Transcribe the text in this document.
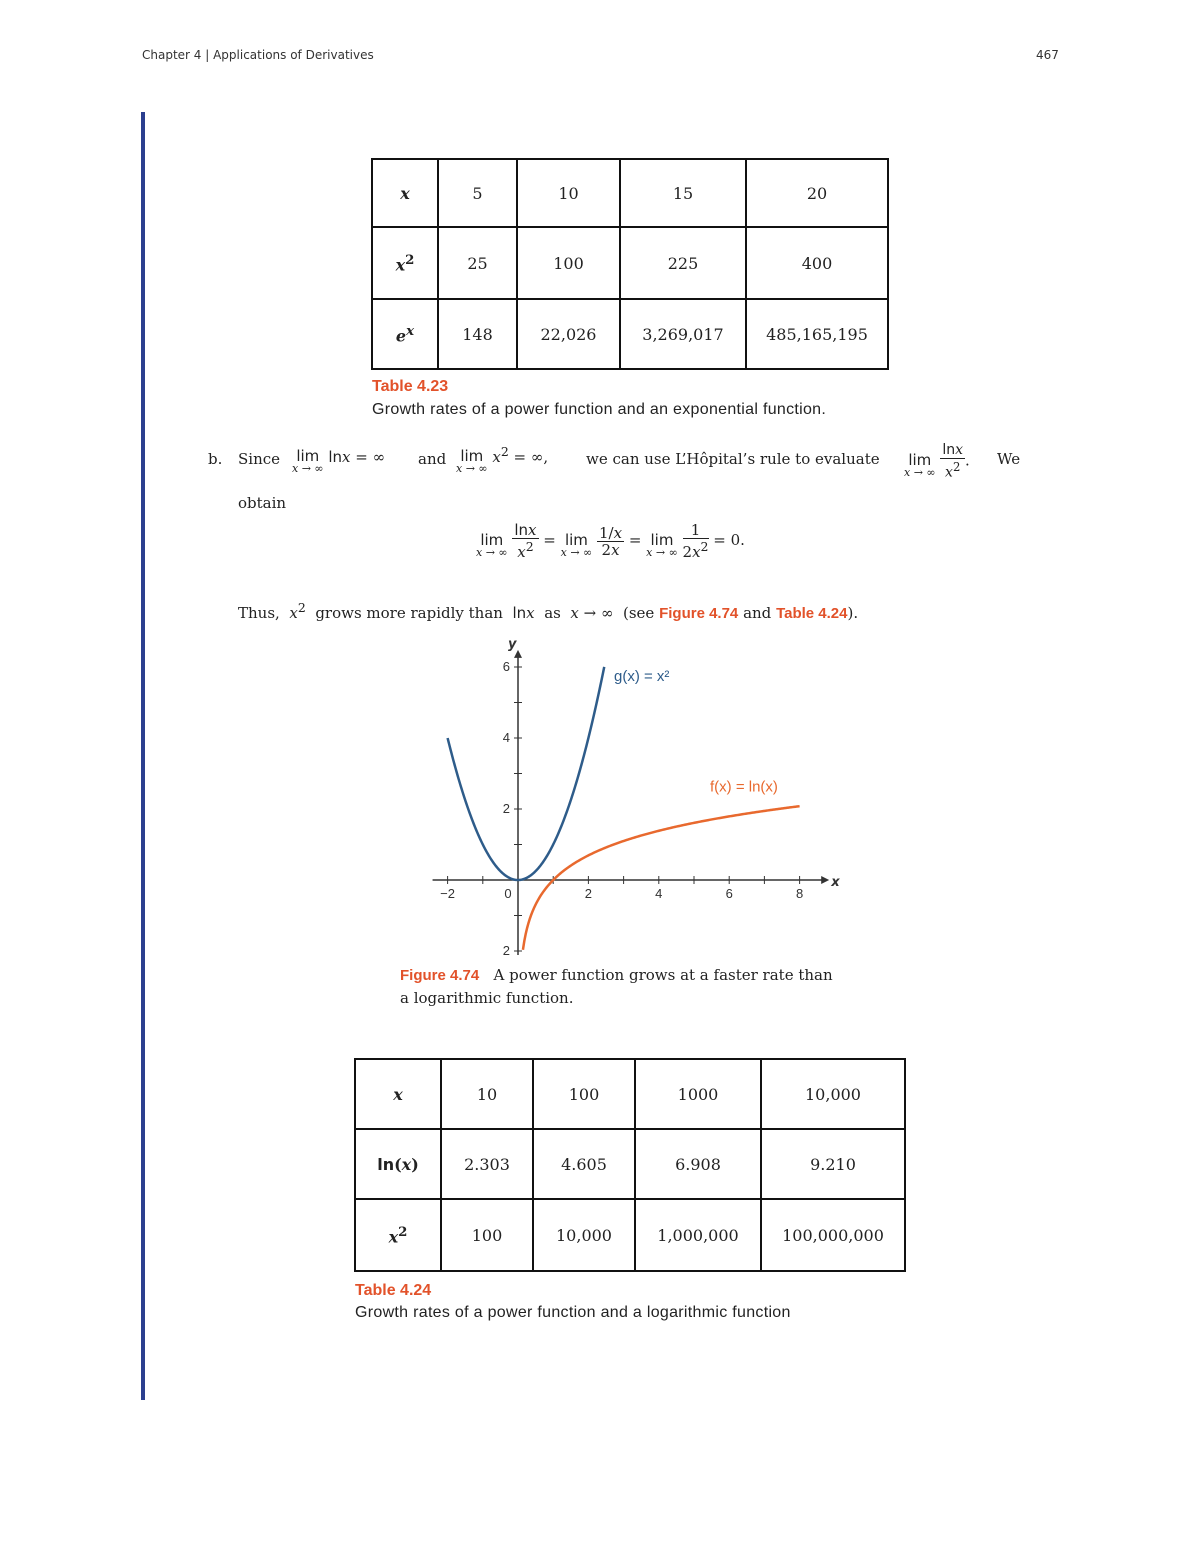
Chapter 4 | Applications of Derivatives	467
x	5	10	15	20
$x^2$	25	100	225	400
$e^x$	148	22,026	3,269,017	485,165,195
Table 4.23
Growth rates of a power function and an exponential function.
b. Since lim
x → ∞
lnx = ∞ and lim
x → ∞
$x^2$ = ∞,	we can use L’Hôpital’s rule to evaluate lim
x → ∞
$\frac{\ln x}{x^2}$ . We
obtain
lim
x → ∞
$\frac{\ln x}{x^2} = \lim$
x → ∞
$\frac{1/x}{2x} = \lim$
x → ∞
$\frac{1}{2x^2} = 0$.
Thus,  $x^2$ grows more rapidly than lnx as x → ∞  (see Figure 4.74 and Table 4.24).
x
y
−2	0	2	4	6	8
6
4
2
2
g(x) = x²
f(x) = ln(x)
Figure 4.74 A power function grows at a faster rate than a logarithmic function.
x	10	100	1000	10,000
ln(x)	2.303	4.605	6.908	9.210
$x^2$	100	10,000	1,000,000	100,000,000
Table 4.24
Growth rates of a power function and a logarithmic function
